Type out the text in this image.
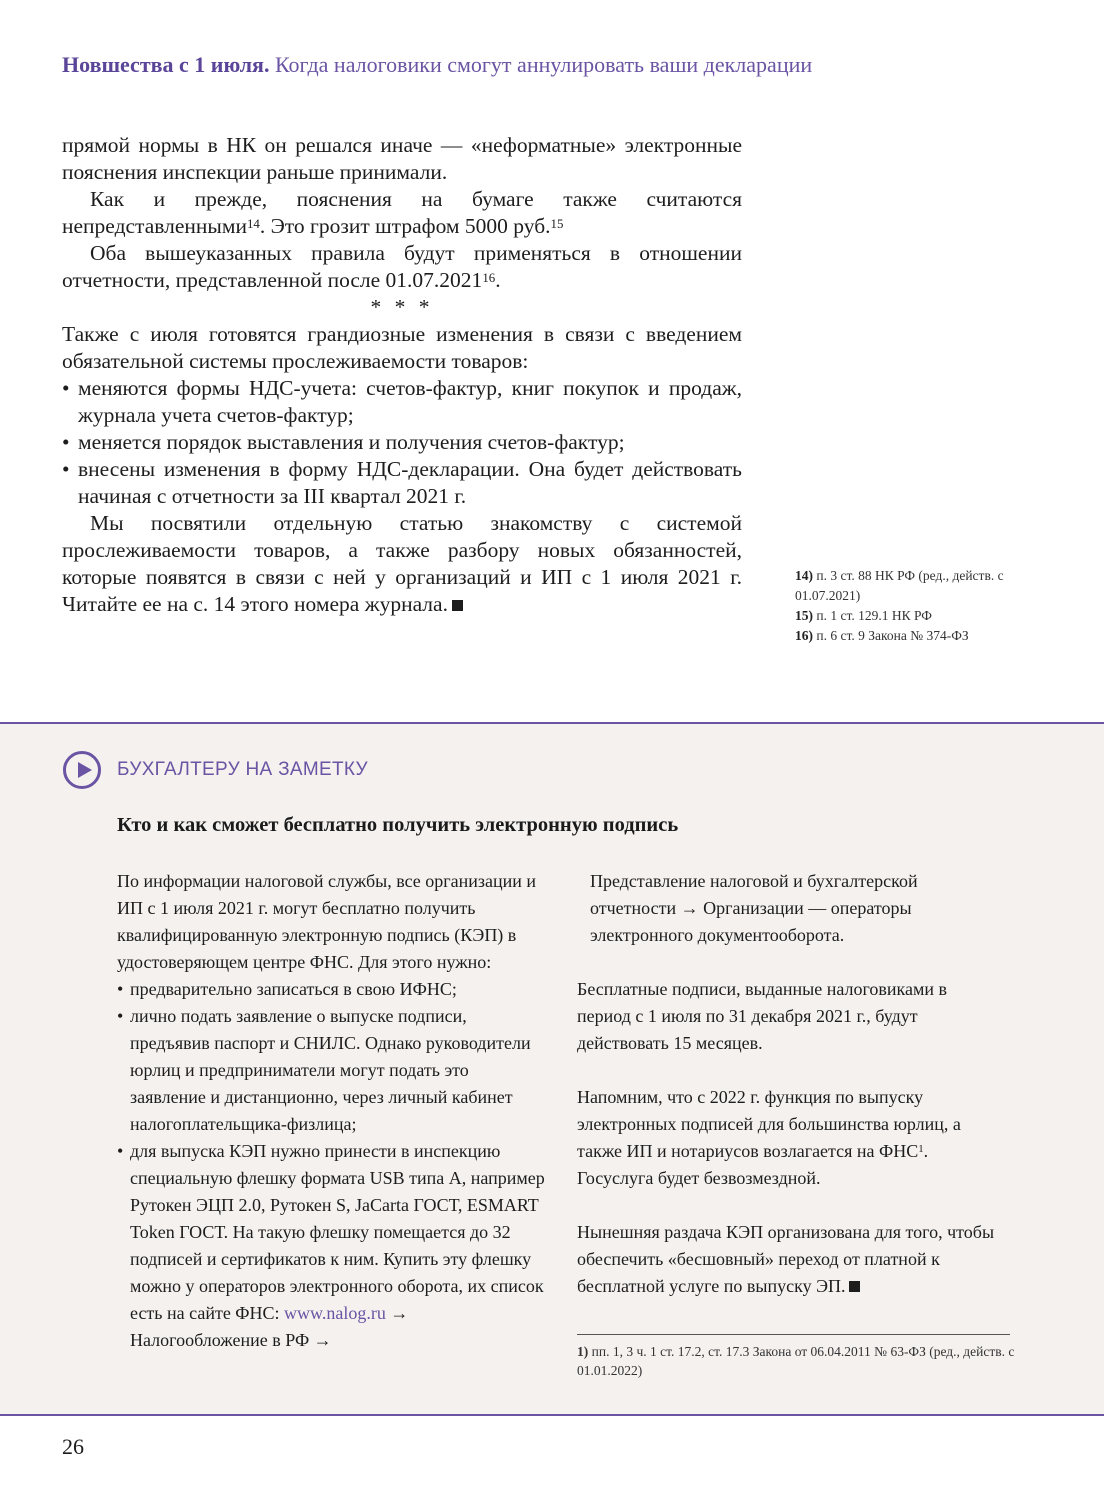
Новшества с 1 июля. Когда налоговики смогут аннулировать ваши декларации

прямой нормы в НК он решался иначе — «неформатные» электронные пояснения инспекции раньше принимали.

Как и прежде, пояснения на бумаге также считаются непредставленными$^{14}$. Это грозит штрафом 5000 руб.$^{15}$

Оба вышеуказанных правила будут применяться в отношении отчетности, представленной после 01.07.2021$^{16}$.

* * *

Также с июля готовятся грандиозные изменения в связи с введением обязательной системы прослеживаемости товаров:

• меняются формы НДС-учета: счетов-фактур, книг покупок и продаж, журнала учета счетов-фактур;
• меняется порядок выставления и получения счетов-фактур;
• внесены изменения в форму НДС-декларации. Она будет действовать начиная с отчетности за III квартал 2021 г.

Мы посвятили отдельную статью знакомству с системой прослеживаемости товаров, а также разбору новых обязанностей, которые появятся в связи с ней у организаций и ИП с 1 июля 2021 г. Читайте ее на с. 14 этого номера журнала.

14) п. 3 ст. 88 НК РФ (ред., действ. с 01.07.2021)
15) п. 1 ст. 129.1 НК РФ
16) п. 6 ст. 9 Закона № 374-ФЗ
БУХГАЛТЕРУ НА ЗАМЕТКУ
Кто и как сможет бесплатно получить электронную подпись

По информации налоговой службы, все организации и ИП с 1 июля 2021 г. могут бесплатно получить квалифицированную электронную подпись (КЭП) в удостоверяющем центре ФНС. Для этого нужно:

• предварительно записаться в свою ИФНС;
• лично подать заявление о выпуске подписи, предъявив паспорт и СНИЛС. Однако руководители юрлиц и предприниматели могут подать это заявление и дистанционно, через личный кабинет налогоплательщика-физлица;
• для выпуска КЭП нужно принести в инспекцию специальную флешку формата USB типа A, например Рутокен ЭЦП 2.0, Рутокен S, JaCarta ГОСТ, ESMART Token ГОСТ. На такую флешку помещается до 32 подписей и сертификатов к ним. Купить эту флешку можно у операторов электронного оборота, их список есть на сайте ФНС: www.nalog.ru → Налогообложение в РФ →

Представление налоговой и бухгалтерской отчетности → Организации — операторы электронного документооборота.

Бесплатные подписи, выданные налоговиками в период с 1 июля по 31 декабря 2021 г., будут действовать 15 месяцев.

Напомним, что с 2022 г. функция по выпуску электронных подписей для большинства юрлиц, а также ИП и нотариусов возлагается на ФНС$^1$. Госуслуга будет безвозмездной.

Нынешняя раздача КЭП организована для того, чтобы обеспечить «бесшовный» переход от платной к бесплатной услуге по выпуску ЭП.

1) пп. 1, 3 ч. 1 ст. 17.2, ст. 17.3 Закона от 06.04.2011 № 63-ФЗ (ред., действ. с 01.01.2022)
26
